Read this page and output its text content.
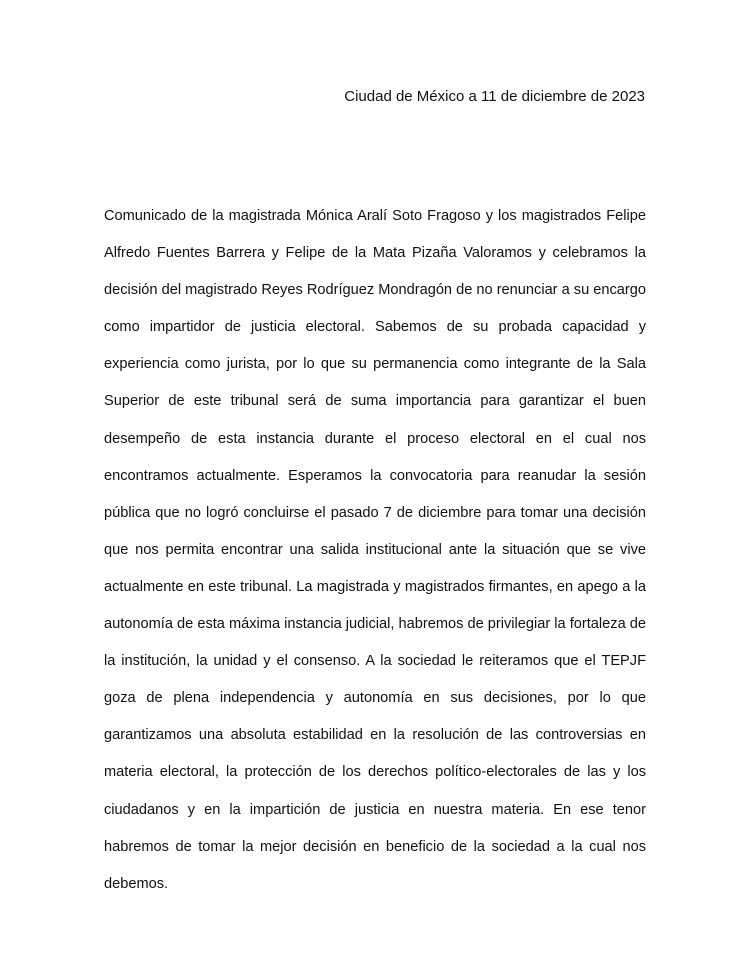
Ciudad de México a 11 de diciembre de 2023

Comunicado de la magistrada Mónica Aralí Soto Fragoso y los magistrados Felipe Alfredo Fuentes Barrera y Felipe de la Mata Pizaña Valoramos y celebramos la decisión del magistrado Reyes Rodríguez Mondragón de no renunciar a su encargo como impartidor de justicia electoral. Sabemos de su probada capacidad y experiencia como jurista, por lo que su permanencia como integrante de la Sala Superior de este tribunal será de suma importancia para garantizar el buen desempeño de esta instancia durante el proceso electoral en el cual nos encontramos actualmente. Esperamos la convocatoria para reanudar la sesión pública que no logró concluirse el pasado 7 de diciembre para tomar una decisión que nos permita encontrar una salida institucional ante la situación que se vive actualmente en este tribunal. La magistrada y magistrados firmantes, en apego a la autonomía de esta máxima instancia judicial, habremos de privilegiar la fortaleza de la institución, la unidad y el consenso. A la sociedad le reiteramos que el TEPJF goza de plena independencia y autonomía en sus decisiones, por lo que garantizamos una absoluta estabilidad en la resolución de las controversias en materia electoral, la protección de los derechos político-electorales de las y los ciudadanos y en la impartición de justicia en nuestra materia. En ese tenor habremos de tomar la mejor decisión en beneficio de la sociedad a la cual nos debemos.
